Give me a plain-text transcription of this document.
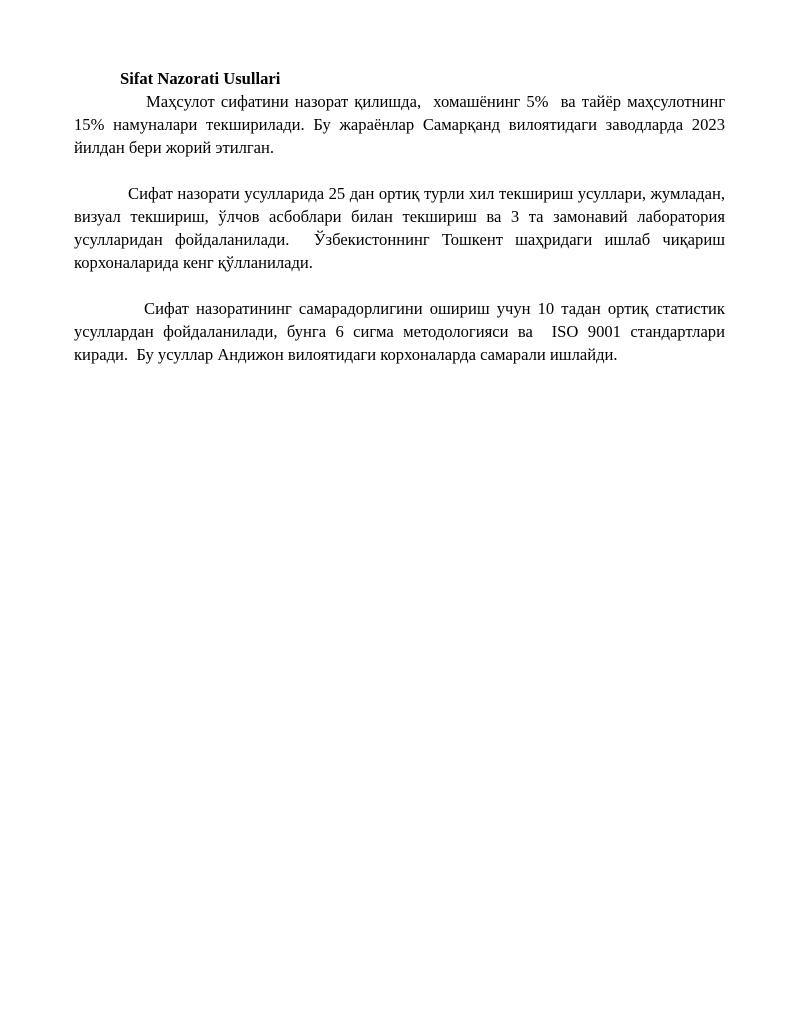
Sifat Nazorati Usullari

Маҳсулот сифатини назорат қилишда,  хомашёнинг 5%  ва тайёр маҳсулотнинг 15% намуналари текширилади. Бу жараёнлар Самарқанд вилоятидаги заводларда 2023 йилдан бери жорий этилган.

Сифат назорати усулларида 25 дан ортиқ турли хил текшириш усуллари, жумладан, визуал текшириш, ўлчов асбоблари билан текшириш ва 3 та замонавий лаборатория усулларидан фойдаланилади.  Ўзбекистоннинг Тошкент шаҳридаги ишлаб чиқариш корхоналарида кенг қўлланилади.

Сифат назоратининг самарадорлигини ошириш учун 10 тадан ортиқ статистик усуллардан фойдаланилади, бунга 6 сигма методологияси ва  ISO 9001 стандартлари киради.  Бу усуллар Андижон вилоятидаги корхоналарда самарали ишлайди.
